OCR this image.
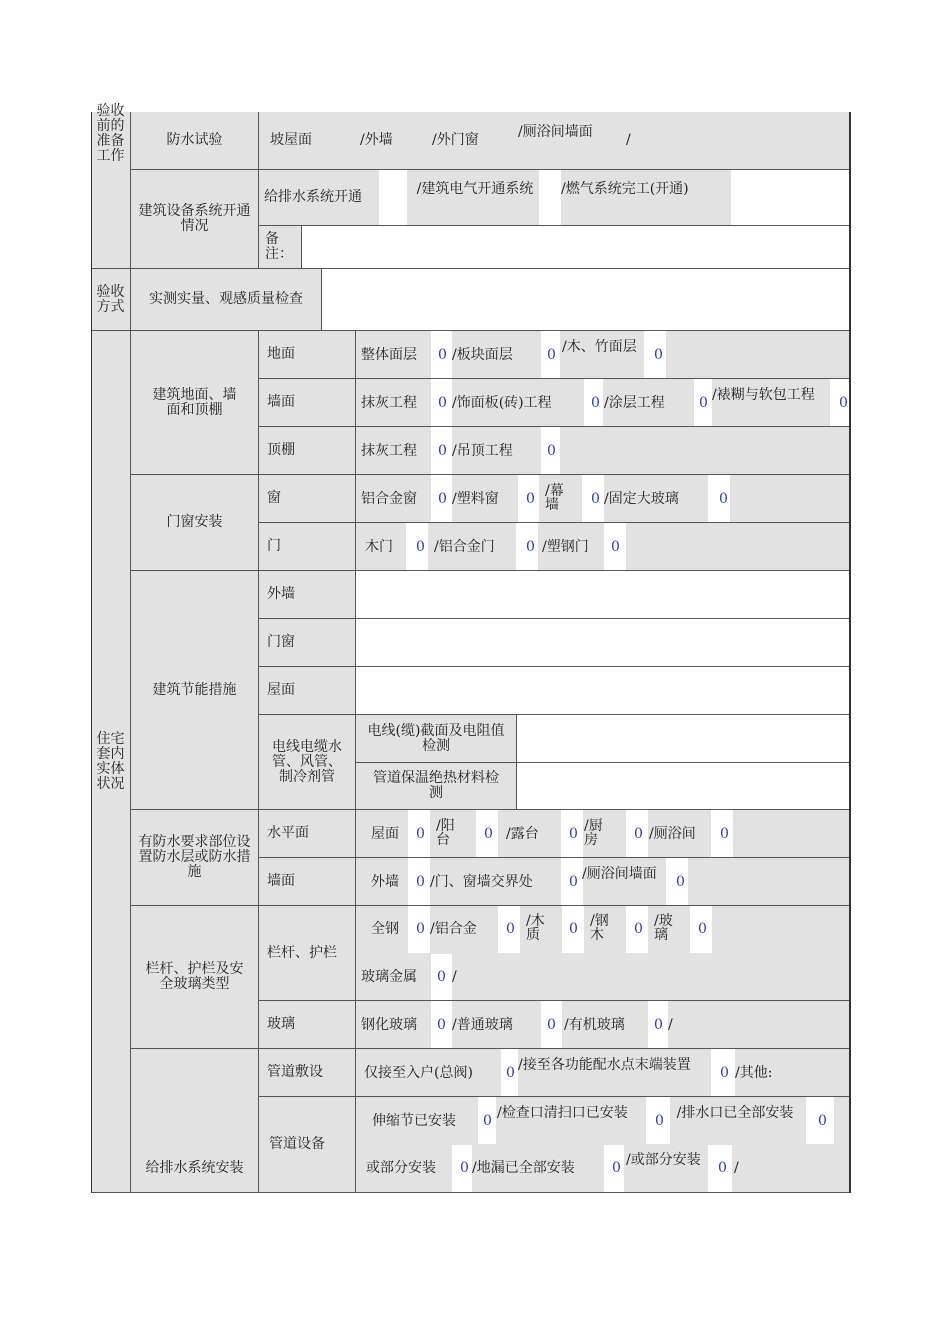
验收前的准备工作
防水试验	坡屋面	/外墙	/外门窗	/厕浴间墙面	/
建筑设备系统开通情况
给排水系统开通	/建筑电气开通系统	/燃气系统完工(开通)
备注：
验收方式 实测实量、观感质量检查
住宅套内实体状况
建筑地面、墙面和顶棚
地面	整体面层 0 /板块面层 0 /木、竹面层	0
墙面	抹灰工程 0 /饰面板(砖)工程	0 /涂层工程 0 /裱糊与软包工程	0
顶棚	抹灰工程 0 /吊顶工程 0
门窗安装
窗	铝合金窗 0 /塑料窗 0 /幕墙	0 /固定大玻璃	0
门	木门 0 /铝合金门 0 /塑钢门 0
建筑节能措施
外墙
门窗
屋面
电线电缆水管、风管、制冷剂管
电线(缆)截面及电阻值检测
管道保温绝热材料检测
有防水要求部位设置防水层或防水措施
水平面	屋面 0 /阳台	0 /露台 0 /厨房	0 /厕浴间 0
墙面	外墙 0 /门、窗墙交界处	0 /厕浴间墙面 0
栏杆、护栏及安全玻璃类型
栏杆、护栏
全钢 0 /铝合金 0 /木质	0 /钢木	0 /玻璃	0
玻璃金属 0 /
玻璃	钢化玻璃 0 /普通玻璃 0 /有机玻璃 0 /
给排水系统安装
管道敷设	仅接至入户(总阀) 0 /接至各功能配水点末端装置	0 /其他:
管道设备
伸缩节已安装 0 /检查口清扫口已安装	0 /排水口已全部安装	0
或部分安装 0 /地漏已全部安装	0 /或部分安装 0 /
